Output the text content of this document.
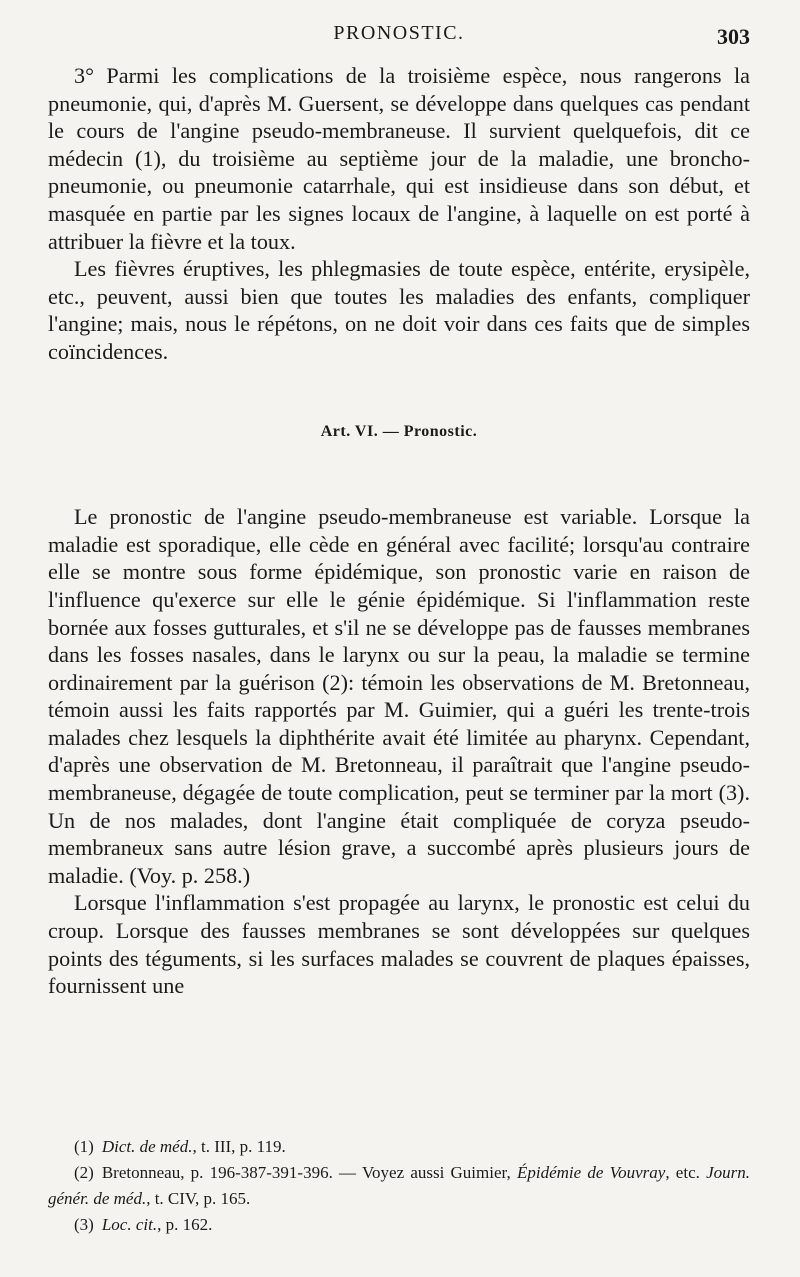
PRONOSTIC.	303

3° Parmi les complications de la troisième espèce, nous rangerons la pneumonie, qui, d'après M. Guersent, se développe dans quelques cas pendant le cours de l'angine pseudo-membraneuse. Il survient quelquefois, dit ce médecin (1), du troisième au septième jour de la maladie, une broncho-pneumonie, ou pneumonie catarrhale, qui est insidieuse dans son début, et masquée en partie par les signes locaux de l'angine, à laquelle on est porté à attribuer la fièvre et la toux.

Les fièvres éruptives, les phlegmasies de toute espèce, entérite, erysipèle, etc., peuvent, aussi bien que toutes les maladies des enfants, compliquer l'angine; mais, nous le répétons, on ne doit voir dans ces faits que de simples coïncidences.

Art. VI. — Pronostic.

Le pronostic de l'angine pseudo-membraneuse est variable. Lorsque la maladie est sporadique, elle cède en général avec facilité; lorsqu'au contraire elle se montre sous forme épidémique, son pronostic varie en raison de l'influence qu'exerce sur elle le génie épidémique. Si l'inflammation reste bornée aux fosses gutturales, et s'il ne se développe pas de fausses membranes dans les fosses nasales, dans le larynx ou sur la peau, la maladie se termine ordinairement par la guérison (2): témoin les observations de M. Bretonneau, témoin aussi les faits rapportés par M. Guimier, qui a guéri les trente-trois malades chez lesquels la diphthérite avait été limitée au pharynx. Cependant, d'après une observation de M. Bretonneau, il paraîtrait que l'angine pseudo-membraneuse, dégagée de toute complication, peut se terminer par la mort (3). Un de nos malades, dont l'angine était compliquée de coryza pseudo-membraneux sans autre lésion grave, a succombé après plusieurs jours de maladie. (Voy. p. 258.)

Lorsque l'inflammation s'est propagée au larynx, le pronostic est celui du croup. Lorsque des fausses membranes se sont développées sur quelques points des téguments, si les surfaces malades se couvrent de plaques épaisses, fournissent une

(1) Dict. de méd., t. III, p. 119.

(2) Bretonneau, p. 196-387-391-396. — Voyez aussi Guimier, Épidémie de Vouvray, etc. Journ. génér. de méd., t. CIV, p. 165.

(3) Loc. cit., p. 162.
